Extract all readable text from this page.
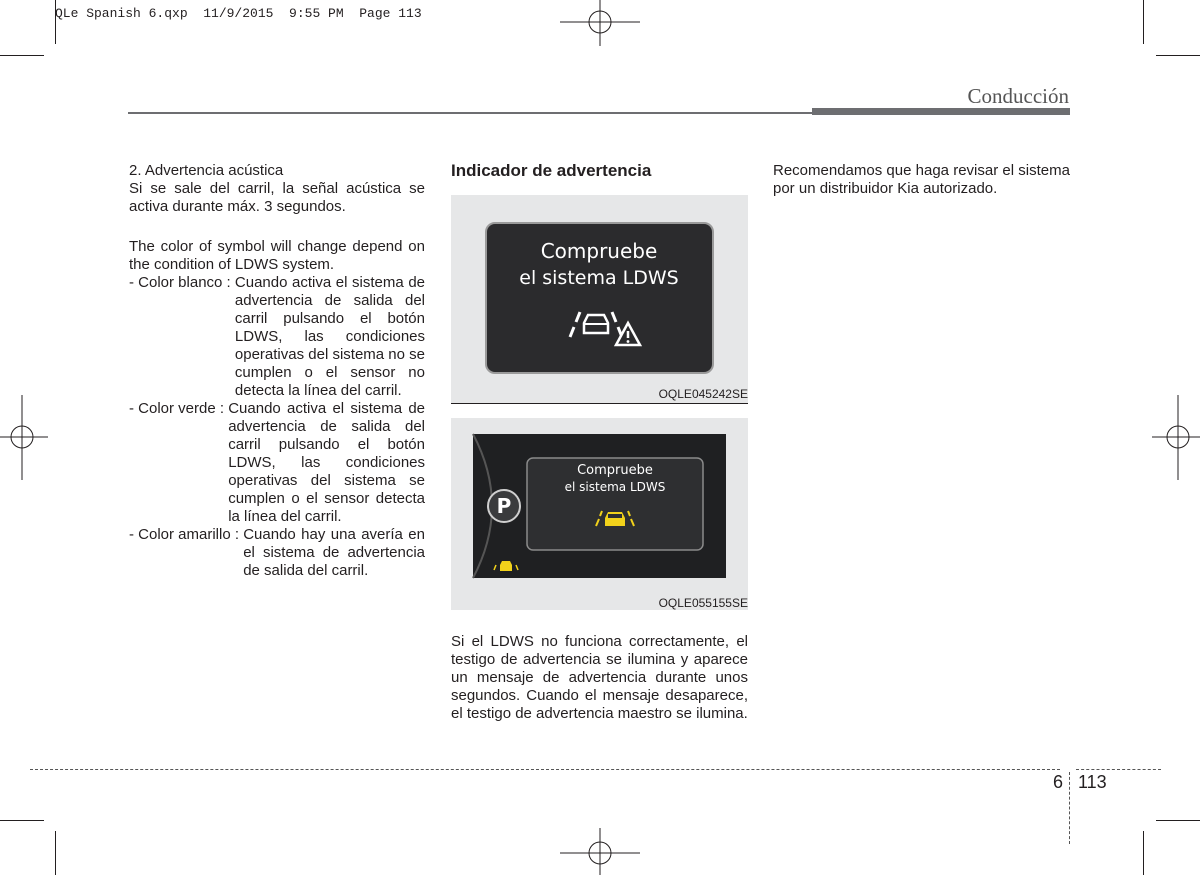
QLe Spanish 6.qxp  11/9/2015  9:55 PM  Page 113
Conducción

2. Advertencia acústica

Si se sale del carril, la señal acústica se activa durante máx. 3 segundos.

The color of symbol will change depend on the condition of LDWS system.

- Color blanco : Cuando activa el sistema de advertencia de salida del carril pulsando el botón LDWS, las condiciones operativas del sistema no se cumplen o el sensor no detecta la línea del carril.
- Color verde : Cuando activa el sistema de advertencia de salida del carril pulsando el botón LDWS, las condiciones operativas del sistema se cumplen o el sensor detecta la línea del carril.
- Color amarillo : Cuando hay una avería en el sistema de advertencia de salida del carril.
Indicador de advertencia
Compruebe
el sistema LDWS
OQLE045242SE
Compruebe
el sistema LDWS
P
OQLE055155SE
Si el LDWS no funciona correctamente, el testigo de advertencia se ilumina y aparece un mensaje de advertencia durante unos segundos. Cuando el mensaje desaparece, el testigo de advertencia maestro se ilumina.
Recomendamos que haga revisar el sistema por un distribuidor Kia autorizado.
6 113
